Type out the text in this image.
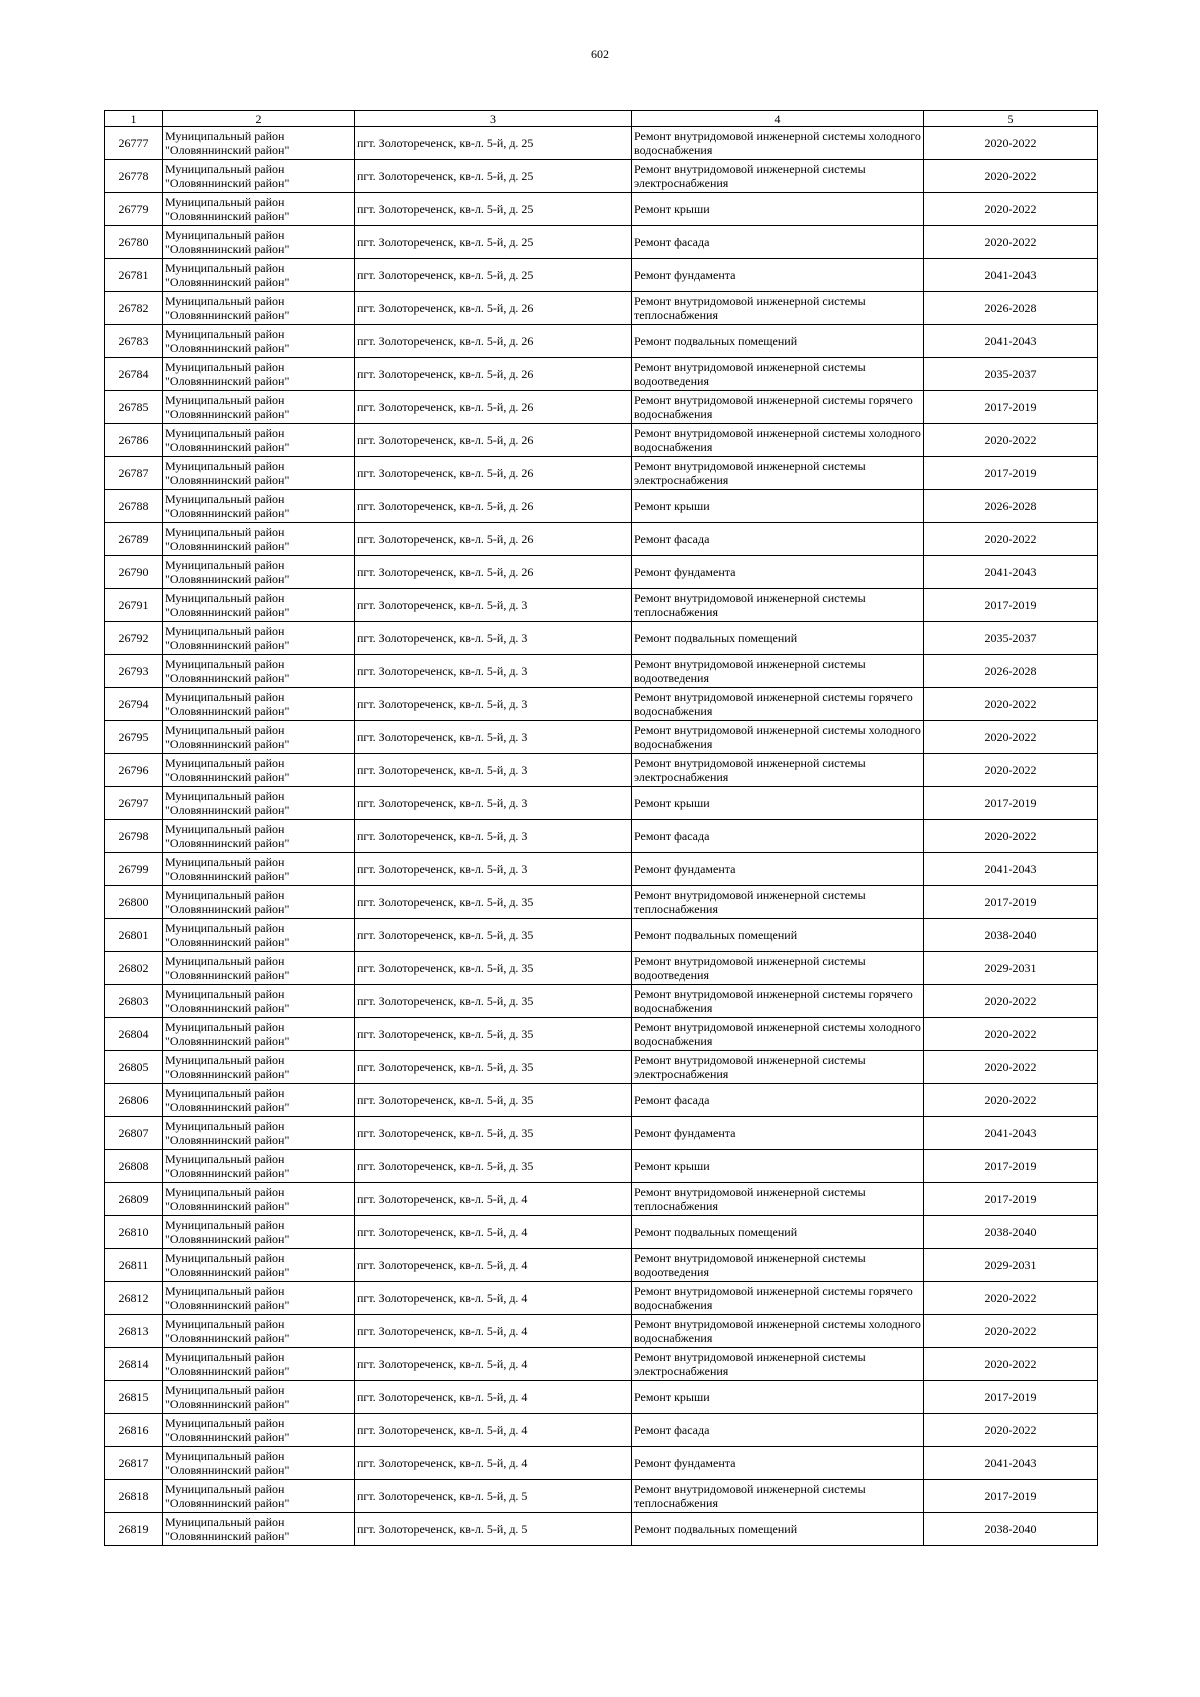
602
1	2	3	4	5
26777	Муниципальный район "Оловяннинский район"	пгт. Золотореченск, кв-л. 5-й, д. 25	Ремонт внутридомовой инженерной системы холодного водоснабжения	2020-2022
26778	Муниципальный район "Оловяннинский район"	пгт. Золотореченск, кв-л. 5-й, д. 25	Ремонт внутридомовой инженерной системы электроснабжения	2020-2022
26779	Муниципальный район "Оловяннинский район"	пгт. Золотореченск, кв-л. 5-й, д. 25	Ремонт крыши	2020-2022
26780	Муниципальный район "Оловяннинский район"	пгт. Золотореченск, кв-л. 5-й, д. 25	Ремонт фасада	2020-2022
26781	Муниципальный район "Оловяннинский район"	пгт. Золотореченск, кв-л. 5-й, д. 25	Ремонт фундамента	2041-2043
26782	Муниципальный район "Оловяннинский район"	пгт. Золотореченск, кв-л. 5-й, д. 26	Ремонт внутридомовой инженерной системы теплоснабжения	2026-2028
26783	Муниципальный район "Оловяннинский район"	пгт. Золотореченск, кв-л. 5-й, д. 26	Ремонт подвальных помещений	2041-2043
26784	Муниципальный район "Оловяннинский район"	пгт. Золотореченск, кв-л. 5-й, д. 26	Ремонт внутридомовой инженерной системы водоотведения	2035-2037
26785	Муниципальный район "Оловяннинский район"	пгт. Золотореченск, кв-л. 5-й, д. 26	Ремонт внутридомовой инженерной системы горячего водоснабжения	2017-2019
26786	Муниципальный район "Оловяннинский район"	пгт. Золотореченск, кв-л. 5-й, д. 26	Ремонт внутридомовой инженерной системы холодного водоснабжения	2020-2022
26787	Муниципальный район "Оловяннинский район"	пгт. Золотореченск, кв-л. 5-й, д. 26	Ремонт внутридомовой инженерной системы электроснабжения	2017-2019
26788	Муниципальный район "Оловяннинский район"	пгт. Золотореченск, кв-л. 5-й, д. 26	Ремонт крыши	2026-2028
26789	Муниципальный район "Оловяннинский район"	пгт. Золотореченск, кв-л. 5-й, д. 26	Ремонт фасада	2020-2022
26790	Муниципальный район "Оловяннинский район"	пгт. Золотореченск, кв-л. 5-й, д. 26	Ремонт фундамента	2041-2043
26791	Муниципальный район "Оловяннинский район"	пгт. Золотореченск, кв-л. 5-й, д. 3	Ремонт внутридомовой инженерной системы теплоснабжения	2017-2019
26792	Муниципальный район "Оловяннинский район"	пгт. Золотореченск, кв-л. 5-й, д. 3	Ремонт подвальных помещений	2035-2037
26793	Муниципальный район "Оловяннинский район"	пгт. Золотореченск, кв-л. 5-й, д. 3	Ремонт внутридомовой инженерной системы водоотведения	2026-2028
26794	Муниципальный район "Оловяннинский район"	пгт. Золотореченск, кв-л. 5-й, д. 3	Ремонт внутридомовой инженерной системы горячего водоснабжения	2020-2022
26795	Муниципальный район "Оловяннинский район"	пгт. Золотореченск, кв-л. 5-й, д. 3	Ремонт внутридомовой инженерной системы холодного водоснабжения	2020-2022
26796	Муниципальный район "Оловяннинский район"	пгт. Золотореченск, кв-л. 5-й, д. 3	Ремонт внутридомовой инженерной системы электроснабжения	2020-2022
26797	Муниципальный район "Оловяннинский район"	пгт. Золотореченск, кв-л. 5-й, д. 3	Ремонт крыши	2017-2019
26798	Муниципальный район "Оловяннинский район"	пгт. Золотореченск, кв-л. 5-й, д. 3	Ремонт фасада	2020-2022
26799	Муниципальный район "Оловяннинский район"	пгт. Золотореченск, кв-л. 5-й, д. 3	Ремонт фундамента	2041-2043
26800	Муниципальный район "Оловяннинский район"	пгт. Золотореченск, кв-л. 5-й, д. 35	Ремонт внутридомовой инженерной системы теплоснабжения	2017-2019
26801	Муниципальный район "Оловяннинский район"	пгт. Золотореченск, кв-л. 5-й, д. 35	Ремонт подвальных помещений	2038-2040
26802	Муниципальный район "Оловяннинский район"	пгт. Золотореченск, кв-л. 5-й, д. 35	Ремонт внутридомовой инженерной системы водоотведения	2029-2031
26803	Муниципальный район "Оловяннинский район"	пгт. Золотореченск, кв-л. 5-й, д. 35	Ремонт внутридомовой инженерной системы горячего водоснабжения	2020-2022
26804	Муниципальный район "Оловяннинский район"	пгт. Золотореченск, кв-л. 5-й, д. 35	Ремонт внутридомовой инженерной системы холодного водоснабжения	2020-2022
26805	Муниципальный район "Оловяннинский район"	пгт. Золотореченск, кв-л. 5-й, д. 35	Ремонт внутридомовой инженерной системы электроснабжения	2020-2022
26806	Муниципальный район "Оловяннинский район"	пгт. Золотореченск, кв-л. 5-й, д. 35	Ремонт фасада	2020-2022
26807	Муниципальный район "Оловяннинский район"	пгт. Золотореченск, кв-л. 5-й, д. 35	Ремонт фундамента	2041-2043
26808	Муниципальный район "Оловяннинский район"	пгт. Золотореченск, кв-л. 5-й, д. 35	Ремонт крыши	2017-2019
26809	Муниципальный район "Оловяннинский район"	пгт. Золотореченск, кв-л. 5-й, д. 4	Ремонт внутридомовой инженерной системы теплоснабжения	2017-2019
26810	Муниципальный район "Оловяннинский район"	пгт. Золотореченск, кв-л. 5-й, д. 4	Ремонт подвальных помещений	2038-2040
26811	Муниципальный район "Оловяннинский район"	пгт. Золотореченск, кв-л. 5-й, д. 4	Ремонт внутридомовой инженерной системы водоотведения	2029-2031
26812	Муниципальный район "Оловяннинский район"	пгт. Золотореченск, кв-л. 5-й, д. 4	Ремонт внутридомовой инженерной системы горячего водоснабжения	2020-2022
26813	Муниципальный район "Оловяннинский район"	пгт. Золотореченск, кв-л. 5-й, д. 4	Ремонт внутридомовой инженерной системы холодного водоснабжения	2020-2022
26814	Муниципальный район "Оловяннинский район"	пгт. Золотореченск, кв-л. 5-й, д. 4	Ремонт внутридомовой инженерной системы электроснабжения	2020-2022
26815	Муниципальный район "Оловяннинский район"	пгт. Золотореченск, кв-л. 5-й, д. 4	Ремонт крыши	2017-2019
26816	Муниципальный район "Оловяннинский район"	пгт. Золотореченск, кв-л. 5-й, д. 4	Ремонт фасада	2020-2022
26817	Муниципальный район "Оловяннинский район"	пгт. Золотореченск, кв-л. 5-й, д. 4	Ремонт фундамента	2041-2043
26818	Муниципальный район "Оловяннинский район"	пгт. Золотореченск, кв-л. 5-й, д. 5	Ремонт внутридомовой инженерной системы теплоснабжения	2017-2019
26819	Муниципальный район "Оловяннинский район"	пгт. Золотореченск, кв-л. 5-й, д. 5	Ремонт подвальных помещений	2038-2040
